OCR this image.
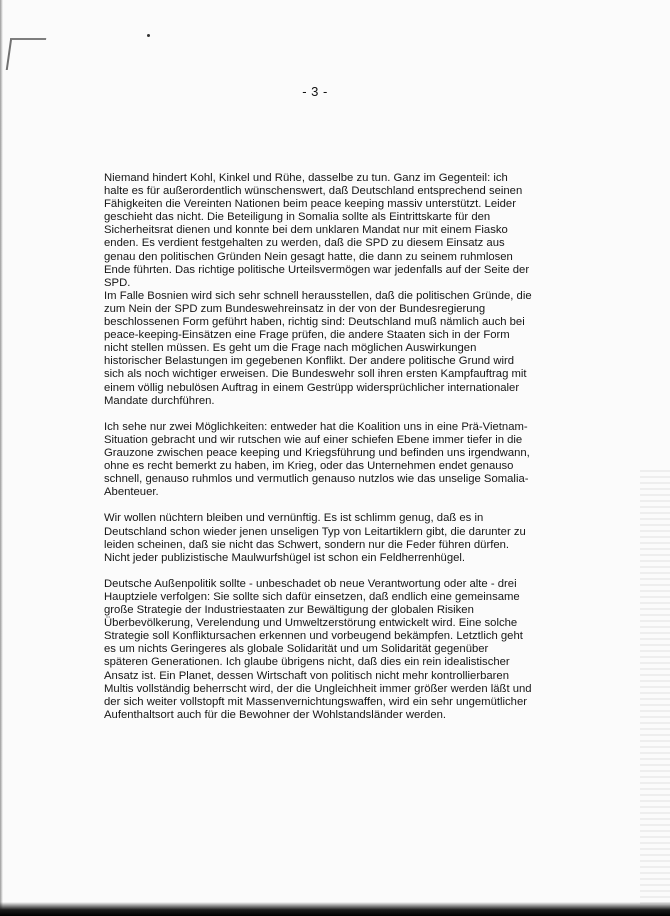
- 3 -

Niemand hindert Kohl, Kinkel und Rühe, dasselbe zu tun. Ganz im Gegenteil: ich
halte es für außerordentlich wünschenswert, daß Deutschland entsprechend seinen
Fähigkeiten die Vereinten Nationen beim peace keeping massiv unterstützt. Leider
geschieht das nicht. Die Beteiligung in Somalia sollte als Eintrittskarte für den
Sicherheitsrat dienen und konnte bei dem unklaren Mandat nur mit einem Fiasko
enden. Es verdient festgehalten zu werden, daß die SPD zu diesem Einsatz aus
genau den politischen Gründen Nein gesagt hatte, die dann zu seinem ruhmlosen
Ende führten. Das richtige politische Urteilsvermögen war jedenfalls auf der Seite der
SPD.

Im Falle Bosnien wird sich sehr schnell herausstellen, daß die politischen Gründe, die
zum Nein der SPD zum Bundeswehreinsatz in der von der Bundesregierung
beschlossenen Form geführt haben, richtig sind: Deutschland muß nämlich auch bei
peace-keeping-Einsätzen eine Frage prüfen, die andere Staaten sich in der Form
nicht stellen müssen. Es geht um die Frage nach möglichen Auswirkungen
historischer Belastungen im gegebenen Konflikt. Der andere politische Grund wird
sich als noch wichtiger erweisen. Die Bundeswehr soll ihren ersten Kampfauftrag mit
einem völlig nebulösen Auftrag in einem Gestrüpp widersprüchlicher internationaler
Mandate durchführen.

Ich sehe nur zwei Möglichkeiten: entweder hat die Koalition uns in eine Prä-Vietnam-
Situation gebracht und wir rutschen wie auf einer schiefen Ebene immer tiefer in die
Grauzone zwischen peace keeping und Kriegsführung und befinden uns irgendwann,
ohne es recht bemerkt zu haben, im Krieg, oder das Unternehmen endet genauso
schnell, genauso ruhmlos und vermutlich genauso nutzlos wie das unselige Somalia-
Abenteuer.

Wir wollen nüchtern bleiben und vernünftig. Es ist schlimm genug, daß es in
Deutschland schon wieder jenen unseligen Typ von Leitartiklern gibt, die darunter zu
leiden scheinen, daß sie nicht das Schwert, sondern nur die Feder führen dürfen.
Nicht jeder publizistische Maulwurfshügel ist schon ein Feldherrenhügel.

Deutsche Außenpolitik sollte - unbeschadet ob neue Verantwortung oder alte - drei
Hauptziele verfolgen: Sie sollte sich dafür einsetzen, daß endlich eine gemeinsame
große Strategie der Industriestaaten zur Bewältigung der globalen Risiken
Überbevölkerung, Verelendung und Umweltzerstörung entwickelt wird. Eine solche
Strategie soll Konfliktursachen erkennen und vorbeugend bekämpfen. Letztlich geht
es um nichts Geringeres als globale Solidarität und um Solidarität gegenüber
späteren Generationen. Ich glaube übrigens nicht, daß dies ein rein idealistischer
Ansatz ist. Ein Planet, dessen Wirtschaft von politisch nicht mehr kontrollierbaren
Multis vollständig beherrscht wird, der die Ungleichheit immer größer werden läßt und
der sich weiter vollstopft mit Massenvernichtungswaffen, wird ein sehr ungemütlicher
Aufenthaltsort auch für die Bewohner der Wohlstandsländer werden.
